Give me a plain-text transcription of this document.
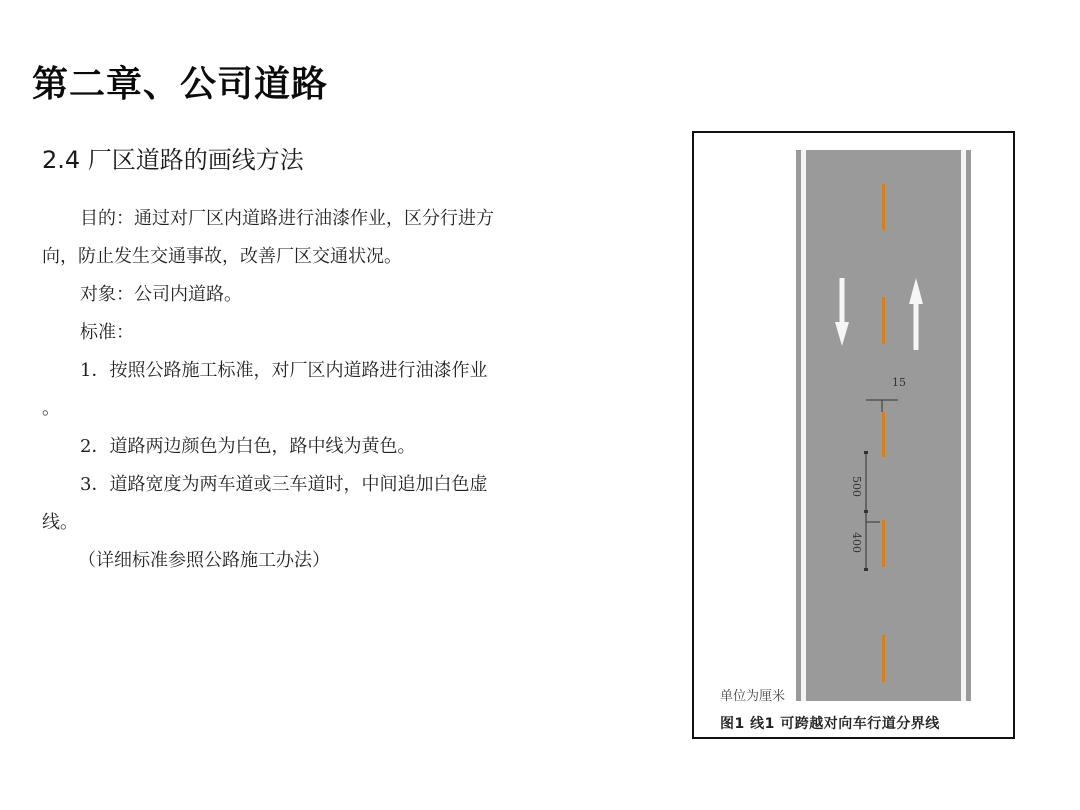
第二章、公司道路
2.4 厂区道路的画线方法
目的：通过对厂区内道路进行油漆作业，区分行进方
向，防止发生交通事故，改善厂区交通状况。
对象：公司内道路。
标准：
1．按照公路施工标准，对厂区内道路进行油漆作业
。
2．道路两边颜色为白色，路中线为黄色。
3．道路宽度为两车道或三车道时，中间追加白色虚
线。
（详细标准参照公路施工办法）
15
500
400
单位为厘米
图1 线1 可跨越对向车行道分界线
